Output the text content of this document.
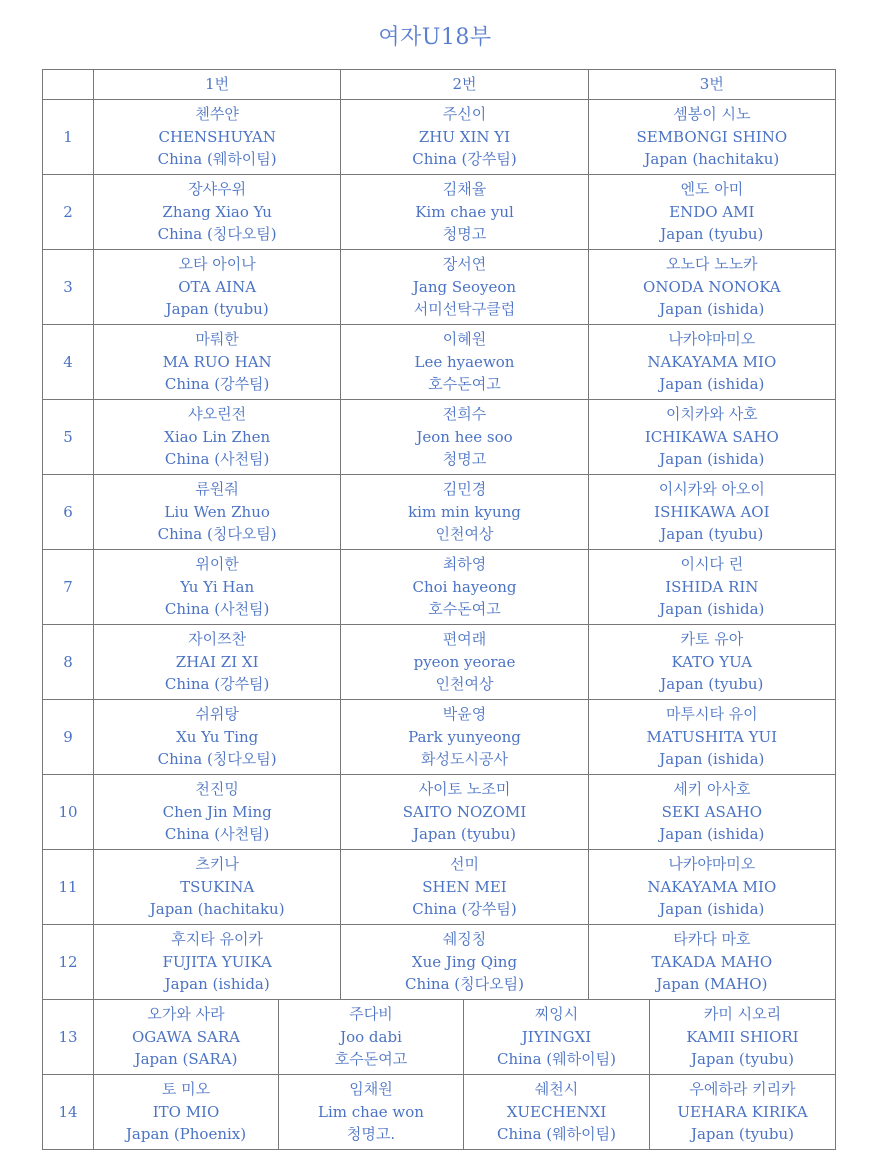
여자U18부
1번	2번	3번
1
첸쑤얀
CHENSHUYAN
China (웨하이팀)
주신이
ZHU XIN YI
China (강쑤팀)
셈봉이 시노
SEMBONGI SHINO
Japan (hachitaku)
2
장샤우위
Zhang Xiao Yu
China (칭다오팀)
김채율
Kim chae yul
청명고
엔도 아미
ENDO AMI
Japan (tyubu)
3
오타 아이나
OTA AINA
Japan (tyubu)
장서연
Jang Seoyeon
서미선탁구클럽
오노다 노노카
ONODA NONOKA
Japan (ishida)
4
마뤄한
MA RUO HAN
China (강쑤팀)
이혜원
Lee hyaewon
호수돈여고
나카야마미오
NAKAYAMA MIO
Japan (ishida)
5
샤오린전
Xiao Lin Zhen
China (사천팀)
전희수
Jeon hee soo
청명고
이치카와 사호
ICHIKAWA SAHO
Japan (ishida)
6
류원줘
Liu Wen Zhuo
China (칭다오팀)
김민경
kim min kyung
인천여상
이시카와 아오이
ISHIKAWA AOI
Japan (tyubu)
7
위이한
Yu Yi Han
China (사천팀)
최하영
Choi hayeong
호수돈여고
이시다 린
ISHIDA RIN
Japan (ishida)
8
자이쯔찬
ZHAI ZI XI
China (강쑤팀)
편여래
pyeon yeorae
인천여상
카토 유아
KATO YUA
Japan (tyubu)
9
쉬위탕
Xu Yu Ting
China (칭다오팀)
박윤영
Park yunyeong
화성도시공사
마투시타 유이
MATUSHITA YUI
Japan (ishida)
10
천진밍
Chen Jin Ming
China (사천팀)
사이토 노조미
SAITO NOZOMI
Japan (tyubu)
세키 아사호
SEKI ASAHO
Japan (ishida)
11
츠키나
TSUKINA
Japan (hachitaku)
선미
SHEN MEI
China (강쑤팀)
나카야마미오
NAKAYAMA MIO
Japan (ishida)
12
후지타 유이카
FUJITA YUIKA
Japan (ishida)
쉐징칭
Xue Jing Qing
China (칭다오팀)
타카다 마호
TAKADA MAHO
Japan (MAHO)
13
오가와 사라
OGAWA SARA
Japan (SARA)
주다비
Joo dabi
호수돈여고
찌잉시
JIYINGXI
China (웨하이팀)
카미 시오리
KAMII SHIORI
Japan (tyubu)
14
토 미오
ITO MIO
Japan (Phoenix)
임채원
Lim chae won
청명고.
쉐천시
XUECHENXI
China (웨하이팀)
우에하라 키리카
UEHARA KIRIKA
Japan (tyubu)
